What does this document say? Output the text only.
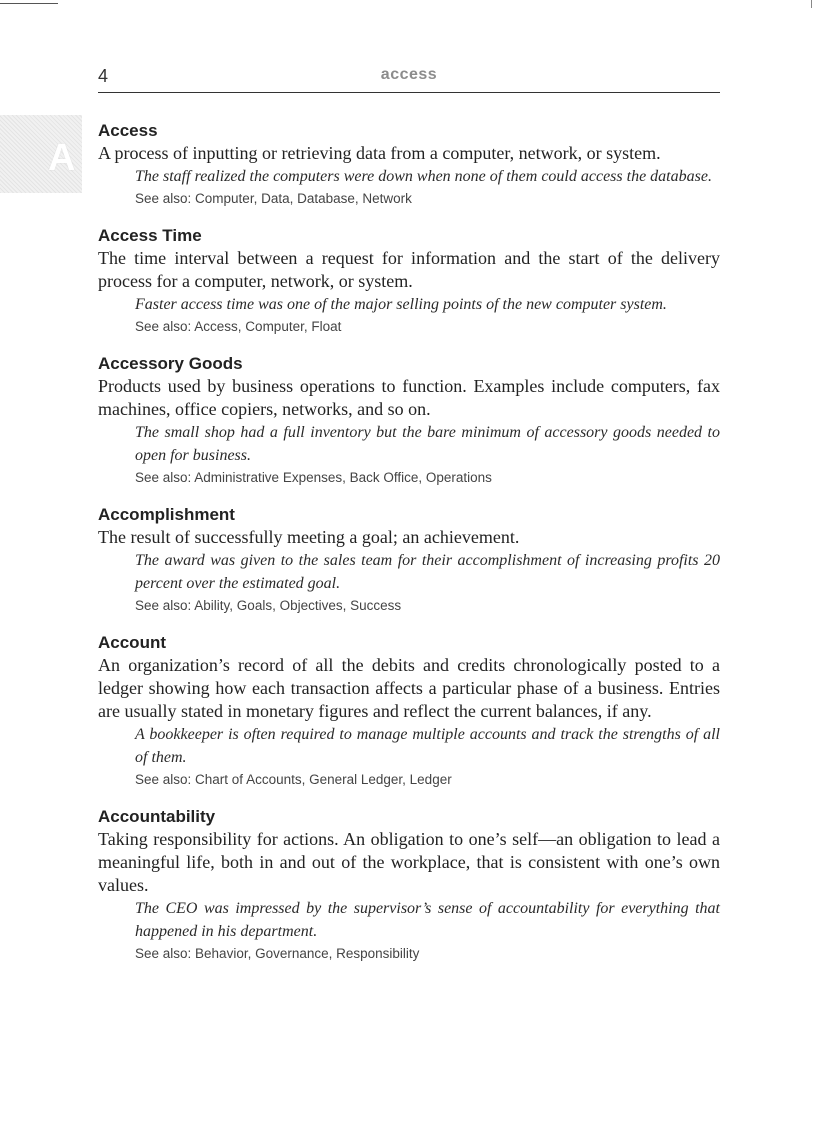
4	access
A
Access
A process of inputting or retrieving data from a computer, network, or system.
The staff realized the computers were down when none of them could access the database.
See also: Computer, Data, Database, Network
Access Time
The time interval between a request for information and the start of the delivery process for a computer, network, or system.
Faster access time was one of the major selling points of the new computer system.
See also: Access, Computer, Float
Accessory Goods
Products used by business operations to function. Examples include computers, fax machines, office copiers, networks, and so on.
The small shop had a full inventory but the bare minimum of accessory goods needed to open for business.
See also: Administrative Expenses, Back Office, Operations
Accomplishment
The result of successfully meeting a goal; an achievement.
The award was given to the sales team for their accomplishment of increasing profits 20 percent over the estimated goal.
See also: Ability, Goals, Objectives, Success
Account
An organization’s record of all the debits and credits chronologically posted to a ledger showing how each transaction affects a particular phase of a business. Entries are usually stated in monetary figures and reflect the current balances, if any.
A bookkeeper is often required to manage multiple accounts and track the strengths of all of them.
See also: Chart of Accounts, General Ledger, Ledger
Accountability
Taking responsibility for actions. An obligation to one’s self—an obligation to lead a meaningful life, both in and out of the workplace, that is consistent with one’s own values.
The CEO was impressed by the supervisor’s sense of accountability for everything that happened in his department.
See also: Behavior, Governance, Responsibility
